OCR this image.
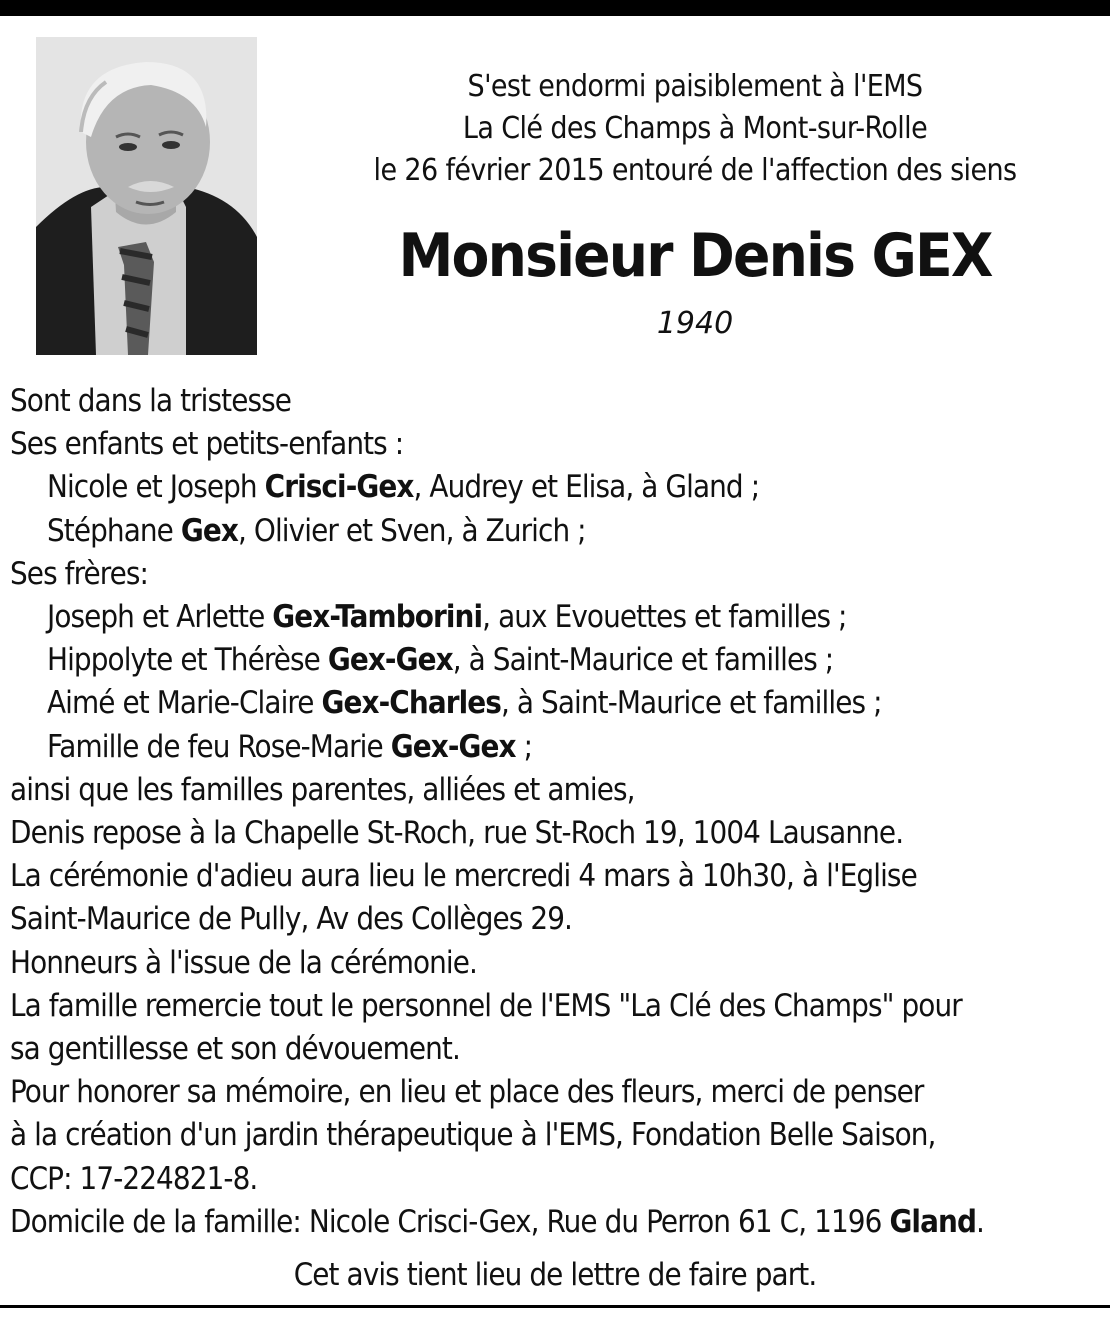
S'est endormi paisiblement à l'EMS
La Clé des Champs à Mont-sur-Rolle
le 26 février 2015 entouré de l'affection des siens
Monsieur Denis GEX
1940
Sont dans la tristesse
Ses enfants et petits-enfants :
Nicole et Joseph Crisci-Gex, Audrey et Elisa, à Gland ;
Stéphane Gex, Olivier et Sven, à Zurich ;
Ses frères:
Joseph et Arlette Gex-Tamborini, aux Evouettes et familles ;
Hippolyte et Thérèse Gex-Gex, à Saint-Maurice et familles ;
Aimé et Marie-Claire Gex-Charles, à Saint-Maurice et familles ;
Famille de feu Rose-Marie Gex-Gex ;
ainsi que les familles parentes, alliées et amies,
Denis repose à la Chapelle St-Roch, rue St-Roch 19, 1004 Lausanne.
La cérémonie d'adieu aura lieu le mercredi 4 mars à 10h30, à l'Eglise
Saint-Maurice de Pully, Av des Collèges 29.
Honneurs à l'issue de la cérémonie.
La famille remercie tout le personnel de l'EMS "La Clé des Champs" pour
sa gentillesse et son dévouement.
Pour honorer sa mémoire, en lieu et place des fleurs, merci de penser
à la création d'un jardin thérapeutique à l'EMS, Fondation Belle Saison,
CCP: 17-224821-8.
Domicile de la famille: Nicole Crisci-Gex, Rue du Perron 61 C, 1196 Gland.
Cet avis tient lieu de lettre de faire part.
